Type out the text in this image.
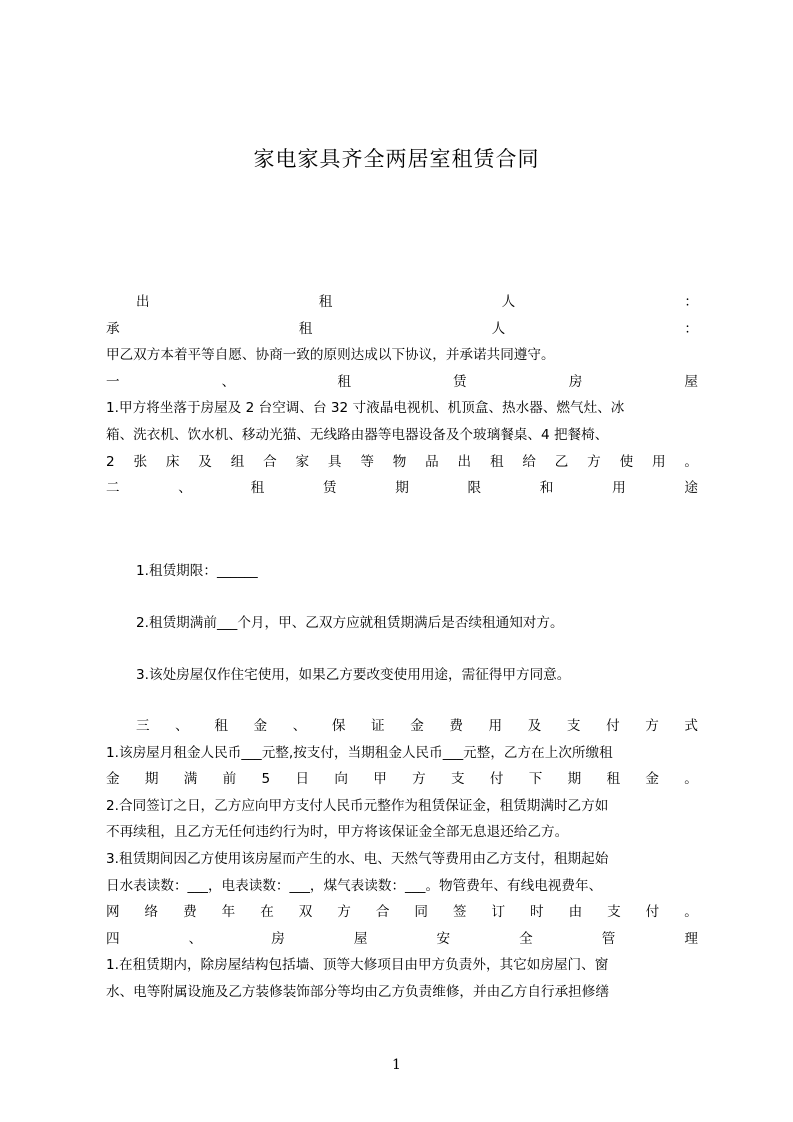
家电家具齐全两居室租赁合同
出	租	人	：
承	租	人	：
甲乙双方本着平等自愿、协商一致的原则达成以下协议，并承诺共同遵守。
一	、	租	赁	房	屋
1.甲方将坐落于房屋及 2 台空调、台 32 寸液晶电视机、机顶盒、热水器、燃气灶、冰
箱、洗衣机、饮水机、移动光猫、无线路由器等电器设备及个玻璃餐桌、4 把餐椅、
2 张 床 及 组 合 家 具 等 物 品 出 租 给 乙 方 使 用 。
二	、	租	赁	期	限	和	用	途
1.租赁期限：______
2.租赁期满前___个月，甲、乙双方应就租赁期满后是否续租通知对方。
3.该处房屋仅作住宅使用，如果乙方要改变使用用途，需征得甲方同意。
三 、 租 金 、 保 证 金 费 用 及 支 付 方 式
1.该房屋月租金人民币___元整,按支付，当期租金人民币___元整，乙方在上次所缴租
金 期 满 前 5 日 向 甲 方 支 付 下 期 租 金 。
2.合同签订之日，乙方应向甲方支付人民币元整作为租赁保证金，租赁期满时乙方如
不再续租，且乙方无任何违约行为时，甲方将该保证金全部无息退还给乙方。
3.租赁期间因乙方使用该房屋而产生的水、电、天然气等费用由乙方支付，租期起始
日水表读数：___，电表读数：___，煤气表读数：___。物管费年、有线电视费年、
网 络 费 年 在 双 方 合 同 签 订 时 由 支 付 。
四	、	房	屋	安	全	管	理
1.在租赁期内，除房屋结构包括墙、顶等大修项目由甲方负责外，其它如房屋门、窗
水、电等附属设施及乙方装修装饰部分等均由乙方负责维修，并由乙方自行承担修缮
1
